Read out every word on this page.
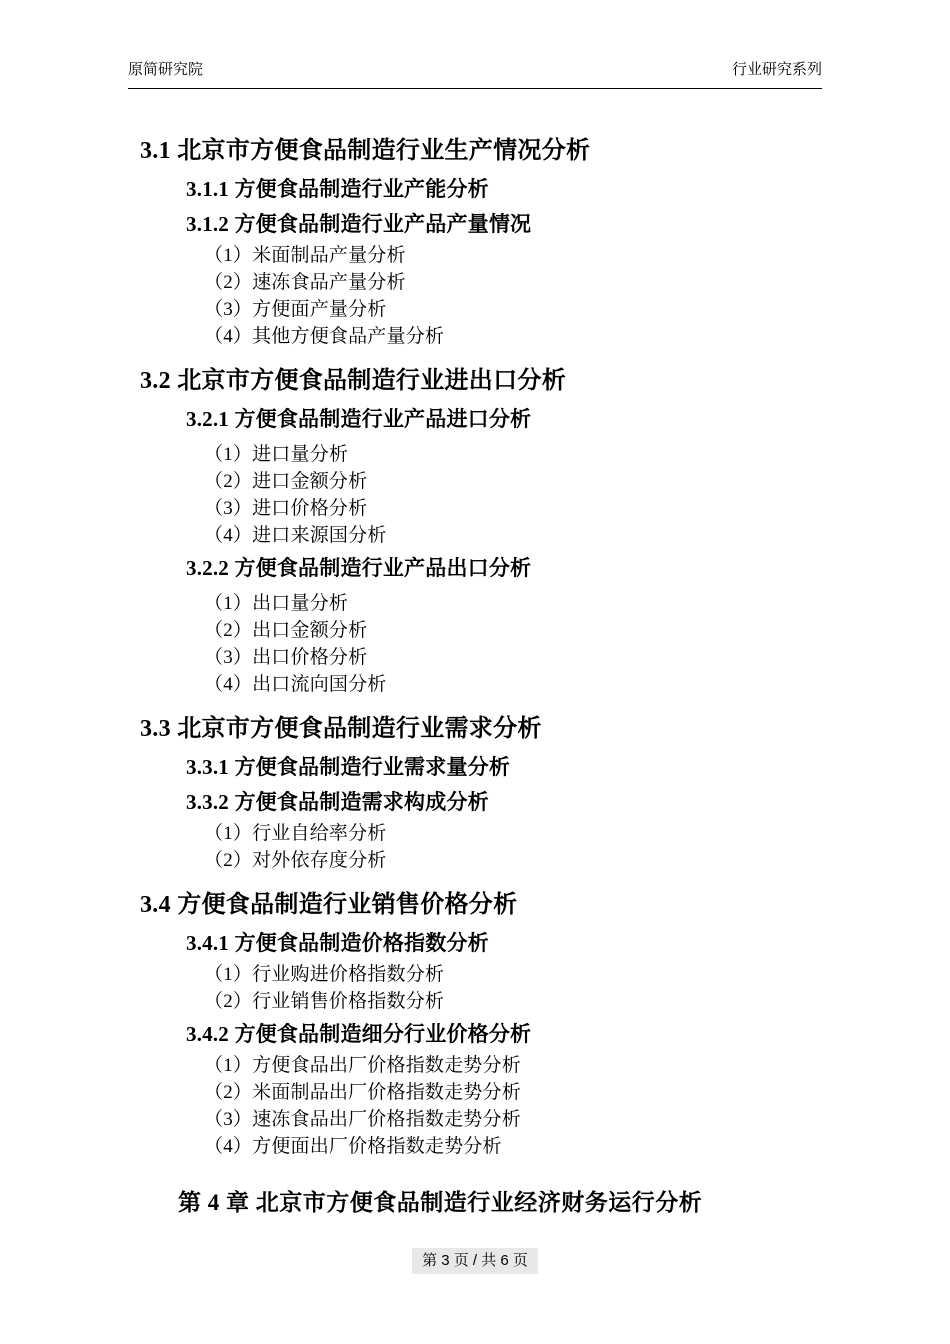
原简研究院	行业研究系列
3.1 北京市方便食品制造行业生产情况分析
3.1.1 方便食品制造行业产能分析
3.1.2 方便食品制造行业产品产量情况
（1）米面制品产量分析
（2）速冻食品产量分析
（3）方便面产量分析
（4）其他方便食品产量分析
3.2 北京市方便食品制造行业进出口分析
3.2.1 方便食品制造行业产品进口分析
（1）进口量分析
（2）进口金额分析
（3）进口价格分析
（4）进口来源国分析
3.2.2 方便食品制造行业产品出口分析
（1）出口量分析
（2）出口金额分析
（3）出口价格分析
（4）出口流向国分析
3.3 北京市方便食品制造行业需求分析
3.3.1 方便食品制造行业需求量分析
3.3.2 方便食品制造需求构成分析
（1）行业自给率分析
（2）对外依存度分析
3.4 方便食品制造行业销售价格分析
3.4.1 方便食品制造价格指数分析
（1）行业购进价格指数分析
（2）行业销售价格指数分析
3.4.2 方便食品制造细分行业价格分析
（1）方便食品出厂价格指数走势分析
（2）米面制品出厂价格指数走势分析
（3）速冻食品出厂价格指数走势分析
（4）方便面出厂价格指数走势分析
第 4 章 北京市方便食品制造行业经济财务运行分析
第 3 页 / 共 6 页
